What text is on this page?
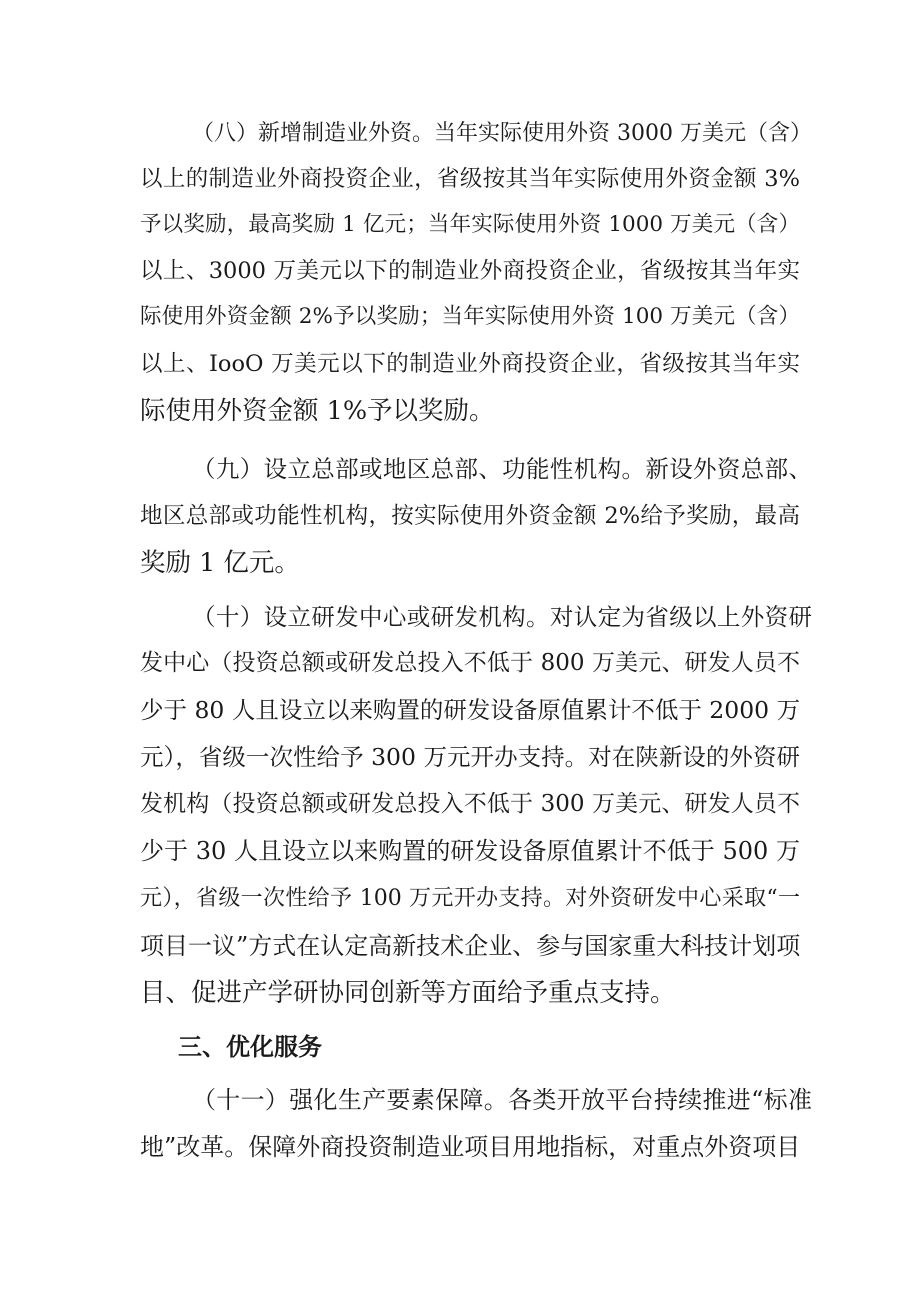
（八）新增制造业外资。当年实际使用外资 3000 万美元（含）
以上的制造业外商投资企业，省级按其当年实际使用外资金额 3%
予以奖励，最高奖励 1 亿元；当年实际使用外资 1000 万美元（含）
以上、3000 万美元以下的制造业外商投资企业，省级按其当年实
际使用外资金额 2%予以奖励；当年实际使用外资 100 万美元（含）
以上、IooO 万美元以下的制造业外商投资企业，省级按其当年实
际使用外资金额 1%予以奖励。
（九）设立总部或地区总部、功能性机构。新设外资总部、
地区总部或功能性机构，按实际使用外资金额 2%给予奖励，最高
奖励 1 亿元。
（十）设立研发中心或研发机构。对认定为省级以上外资研
发中心（投资总额或研发总投入不低于 800 万美元、研发人员不
少于 80 人且设立以来购置的研发设备原值累计不低于 2000 万
元），省级一次性给予 300 万元开办支持。对在陕新设的外资研
发机构（投资总额或研发总投入不低于 300 万美元、研发人员不
少于 30 人且设立以来购置的研发设备原值累计不低于 500 万
元），省级一次性给予 100 万元开办支持。对外资研发中心采取“一
项目一议”方式在认定高新技术企业、参与国家重大科技计划项
目、促进产学研协同创新等方面给予重点支持。
三、优化服务
（十一）强化生产要素保障。各类开放平台持续推进“标准
地”改革。保障外商投资制造业项目用地指标，对重点外资项目
